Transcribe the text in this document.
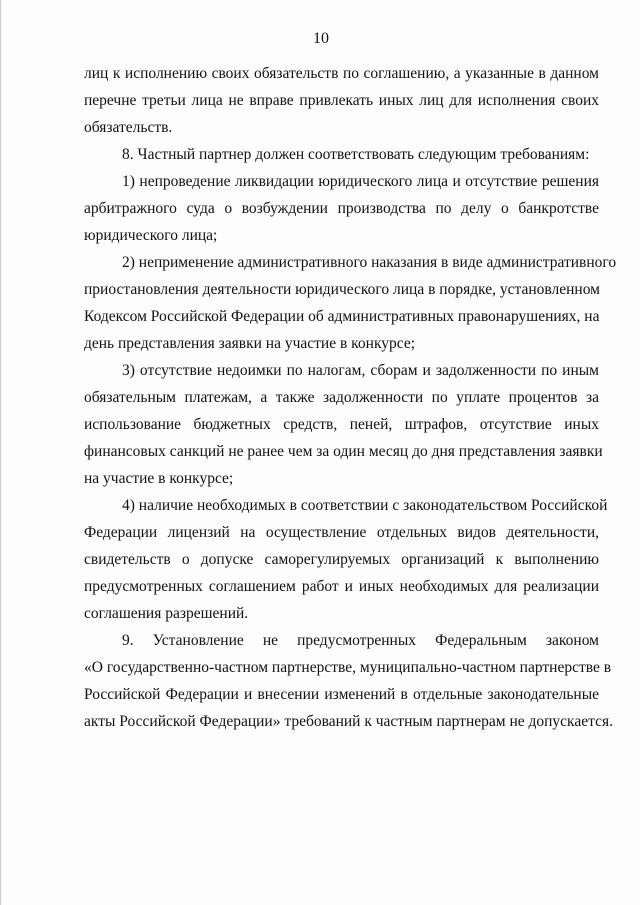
10
лиц к исполнению своих обязательств по соглашению, а указанные в данном
перечне третьи лица не вправе привлекать иных лиц для исполнения своих
обязательств.
8. Частный партнер должен соответствовать следующим требованиям:
1) непроведение ликвидации юридического лица и отсутствие решения
арбитражного суда о возбуждении производства по делу о банкротстве
юридического лица;
2) неприменение административного наказания в виде административного
приостановления деятельности юридического лица в порядке, установленном
Кодексом Российской Федерации об административных правонарушениях, на
день представления заявки на участие в конкурсе;
3) отсутствие недоимки по налогам, сборам и задолженности по иным
обязательным платежам, а также задолженности по уплате процентов за
использование бюджетных средств, пеней, штрафов, отсутствие иных
финансовых санкций не ранее чем за один месяц до дня представления заявки
на участие в конкурсе;
4) наличие необходимых в соответствии с законодательством Российской
Федерации лицензий на осуществление отдельных видов деятельности,
свидетельств о допуске саморегулируемых организаций к выполнению
предусмотренных соглашением работ и иных необходимых для реализации
соглашения разрешений.
9. Установление не предусмотренных Федеральным законом
«О государственно-частном партнерстве, муниципально-частном партнерстве в
Российской Федерации и внесении изменений в отдельные законодательные
акты Российской Федерации» требований к частным партнерам не допускается.
